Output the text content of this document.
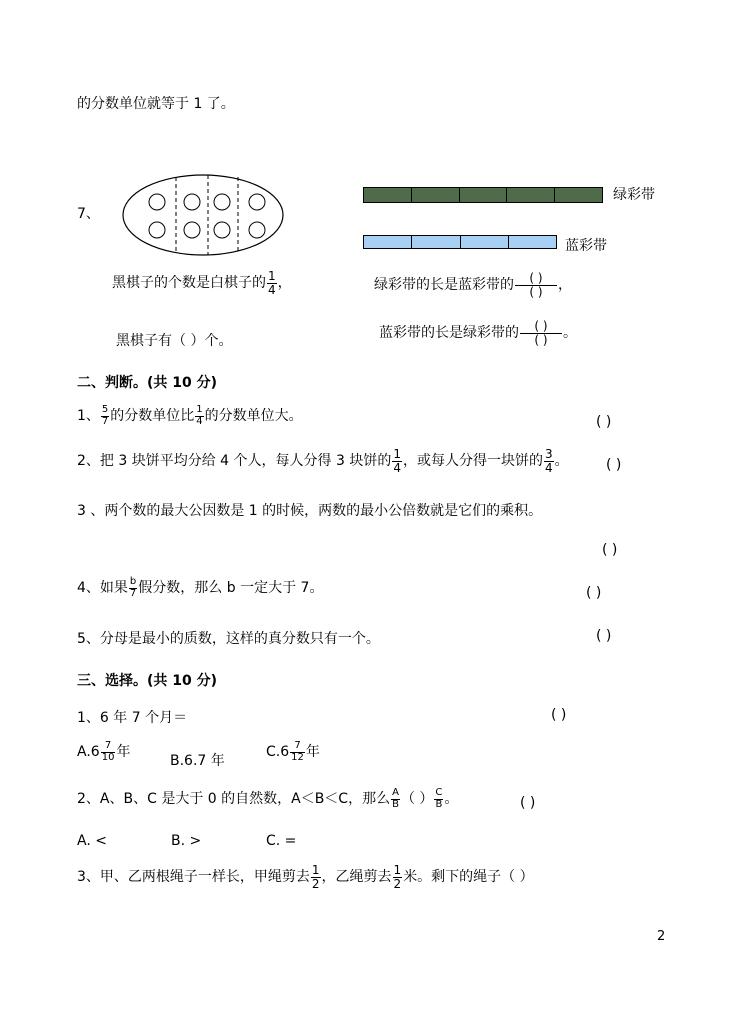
的分数单位就等于 1 了。
7、
绿彩带
蓝彩带
黑棋子的个数是白棋子的 $\frac{1}{4}$ ，
黑棋子有（ ）个。
绿彩带的长是蓝彩带的 $\frac{( )}{( )}$ ，
蓝彩带的长是绿彩带的 $\frac{( )}{( )}$ 。
二、判断。(共 10 分)
1、 $\frac{5}{7}$ 的分数单位比 $\frac{1}{4}$ 的分数单位大。	( )
2、把 3 块饼平均分给 4 个人，每人分得 3 块饼的 $\frac{1}{4}$ ，或每人分得一块饼的 $\frac{3}{4}$ 。	( )
3 、两个数的最大公因数是 1 的时候，两数的最小公倍数就是它们的乘积。
( )
4、如果 $\frac{b}{7}$ 假分数，那么 b 一定大于 7。	( )
5、分母是最小的质数，这样的真分数只有一个。	( )
三、选择。(共 10 分)
1、6 年 7 个月＝	( )
$A.6 \frac{7}{10}$ 年
B.6.7 年
$C.6 \frac{7}{12}$ 年
2、A、B、C 是大于 0 的自然数，A＜B＜C，那么 $\frac{A}{B}$ （ ） $\frac{C}{B}$ 。	( )
A. <	B. >	C. =
3、甲、乙两根绳子一样长，甲绳剪去 $\frac{1}{2}$ ，乙绳剪去 $\frac{1}{2}$ 米。剩下的绳子（ ）
2
